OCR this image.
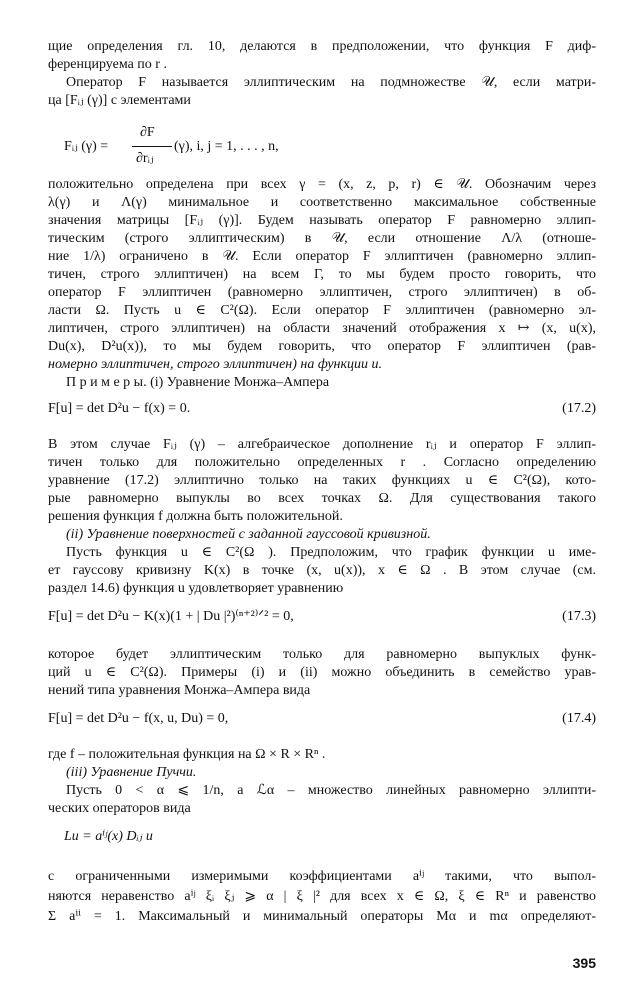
щие определения гл. 10, делаются в предположении, что функция F диф-
ференцируема по r .
Оператор F называется эллиптическим на подмножестве 𝒰, если матри-
ца [Fᵢⱼ (γ)] с элементами
Fᵢⱼ (γ) =
∂F
∂rᵢⱼ
(γ), i, j = 1, . . . , n,
положительно определена при всех γ = (x, z, p, r) ∈ 𝒰. Обозначим через
λ(γ) и Λ(γ) минимальное и соответственно максимальное собственные
значения матрицы [Fᵢⱼ (γ)]. Будем называть оператор F равномерно эллип-
тическим (строго эллиптическим) в 𝒰, если отношение Λ/λ (отноше-
ние 1/λ) ограничено в 𝒰. Если оператор F эллиптичен (равномерно эллип-
тичен, строго эллиптичен) на всем Γ, то мы будем просто говорить, что
оператор F эллиптичен (равномерно эллиптичен, строго эллиптичен) в об-
ласти Ω. Пусть u ∈ C²(Ω). Если оператор F эллиптичен (равномерно эл-
липтичен, строго эллиптичен) на области значений отображения x ↦ (x, u(x),
Du(x), D²u(x)), то мы будем говорить, что оператор F эллиптичен (рав-
номерно эллиптичен, строго эллиптичен) на функции u.
П р и м е р ы. (i) Уравнение Монжа–Ампера
F[u] = det D²u − f(x) = 0.	(17.2)
В этом случае Fᵢⱼ (γ) – алгебраическое дополнение rᵢⱼ и оператор F эллип-
тичен только для положительно определенных r . Согласно определению
уравнение (17.2) эллиптично только на таких функциях u ∈ C²(Ω), кото-
рые равномерно выпуклы во всех точках Ω. Для существования такого
решения функция f должна быть положительной.
(ii) Уравнение поверхностей с заданной гауссовой кривизной.
Пусть функция u ∈ C²(Ω ). Предположим, что график функции u име-
ет гауссову кривизну K(x) в точке (x, u(x)), x ∈ Ω . В этом случае (см.
раздел 14.6) функция u удовлетворяет уравнению
F[u] = det D²u − K(x)(1 + | Du |²)⁽ⁿ⁺²⁾ᐟ² = 0,	(17.3)
которое будет эллиптическим только для равномерно выпуклых функ-
ций u ∈ C²(Ω). Примеры (i) и (ii) можно объединить в семейство урав-
нений типа уравнения Монжа–Ампера вида
F[u] = det D²u − f(x, u, Du) = 0,	(17.4)
где f – положительная функция на Ω × R × Rⁿ .
(iii) Уравнение Пуччи.
Пусть 0 < α ⩽ 1/n, а ℒα – множество линейных равномерно эллипти-
ческих операторов вида
Lu = aⁱʲ(x) Dᵢⱼ u
с ограниченными измеримыми коэффициентами aⁱʲ такими, что выпол-
няются неравенство aⁱʲ ξᵢ ξⱼ ⩾ α | ξ |² для всех x ∈ Ω, ξ ∈ Rⁿ и равенство
Σ aⁱⁱ = 1. Максимальный и минимальный операторы Mα и mα определяют-
395
